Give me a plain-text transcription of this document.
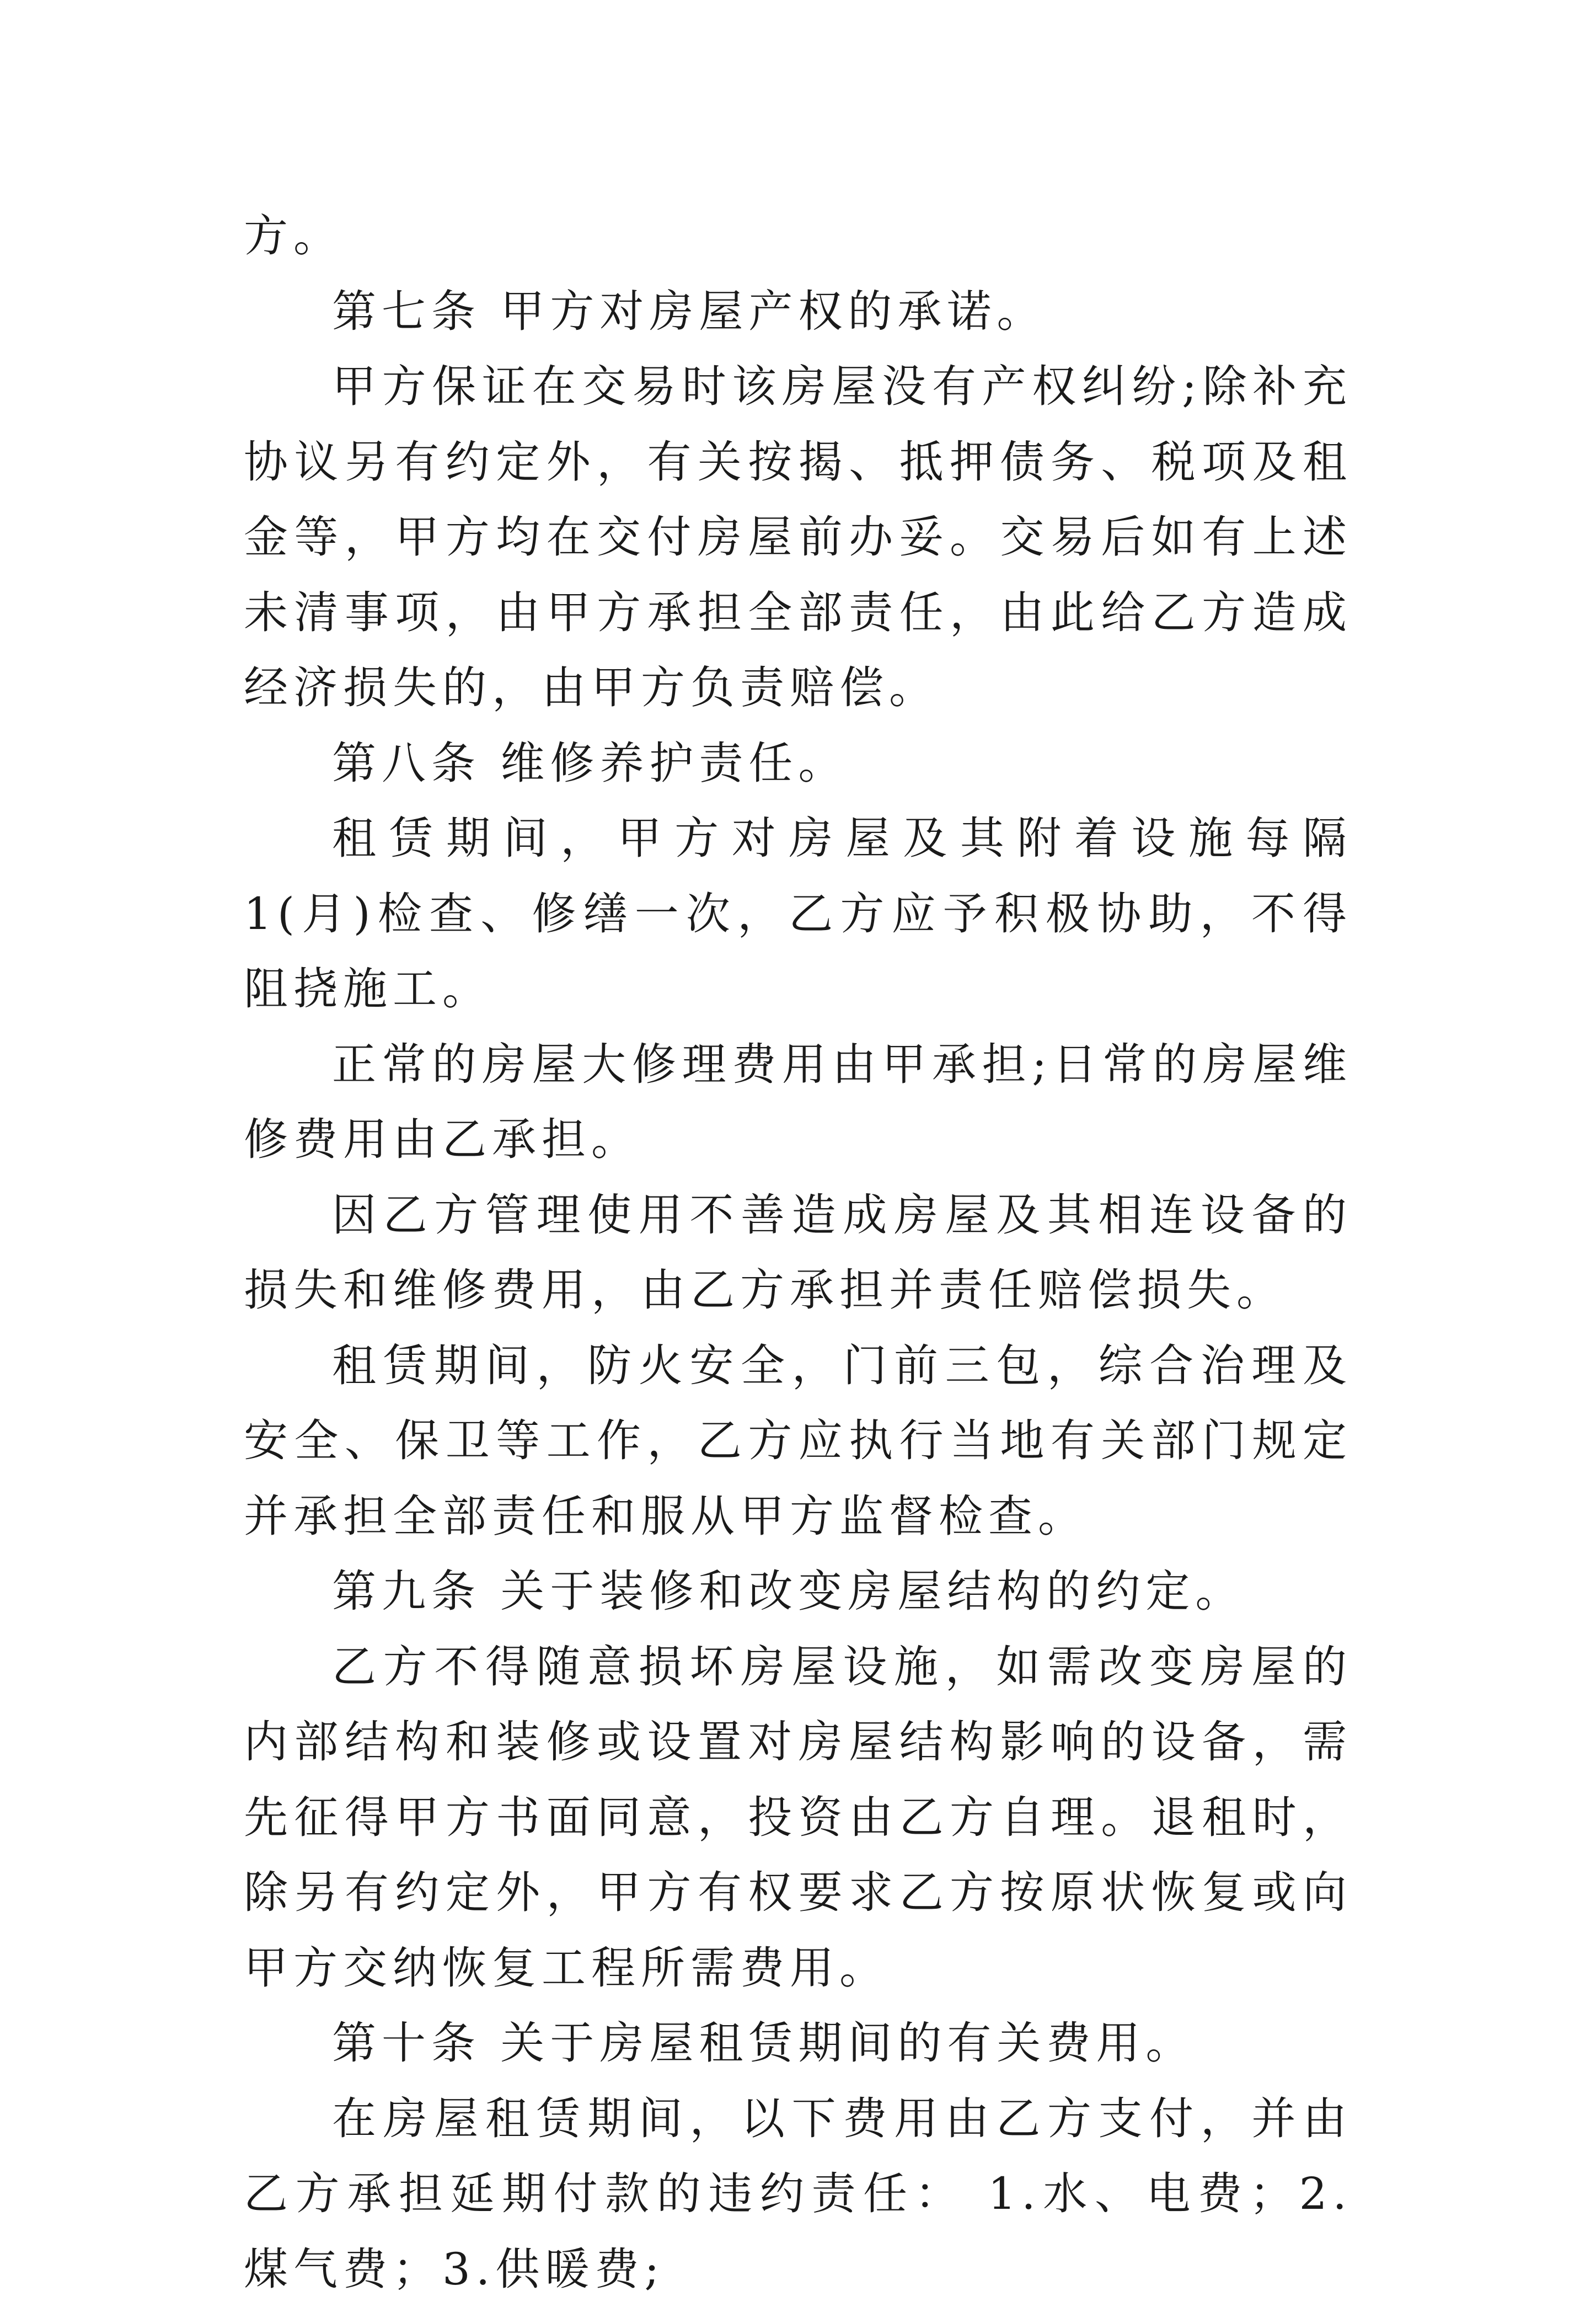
方。

第七条 甲方对房屋产权的承诺。

甲方保证在交易时该房屋没有产权纠纷;除补充协议另有约定外，有关按揭、抵押债务、税项及租金等，甲方均在交付房屋前办妥。交易后如有上述未清事项，由甲方承担全部责任，由此给乙方造成经济损失的，由甲方负责赔偿。

第八条 维修养护责任。

租赁期间，甲方对房屋及其附着设施每隔1(月)检查、修缮一次，乙方应予积极协助，不得阻挠施工。

正常的房屋大修理费用由甲承担;日常的房屋维修费用由乙承担。

因乙方管理使用不善造成房屋及其相连设备的损失和维修费用，由乙方承担并责任赔偿损失。

租赁期间，防火安全，门前三包，综合治理及安全、保卫等工作，乙方应执行当地有关部门规定并承担全部责任和服从甲方监督检查。

第九条 关于装修和改变房屋结构的约定。

乙方不得随意损坏房屋设施，如需改变房屋的内部结构和装修或设置对房屋结构影响的设备，需先征得甲方书面同意，投资由乙方自理。退租时，除另有约定外，甲方有权要求乙方按原状恢复或向甲方交纳恢复工程所需费用。

第十条 关于房屋租赁期间的有关费用。

在房屋租赁期间，以下费用由乙方支付，并由乙方承担延期付款的违约责任： 1.水、电费；2.煤气费；3.供暖费;
